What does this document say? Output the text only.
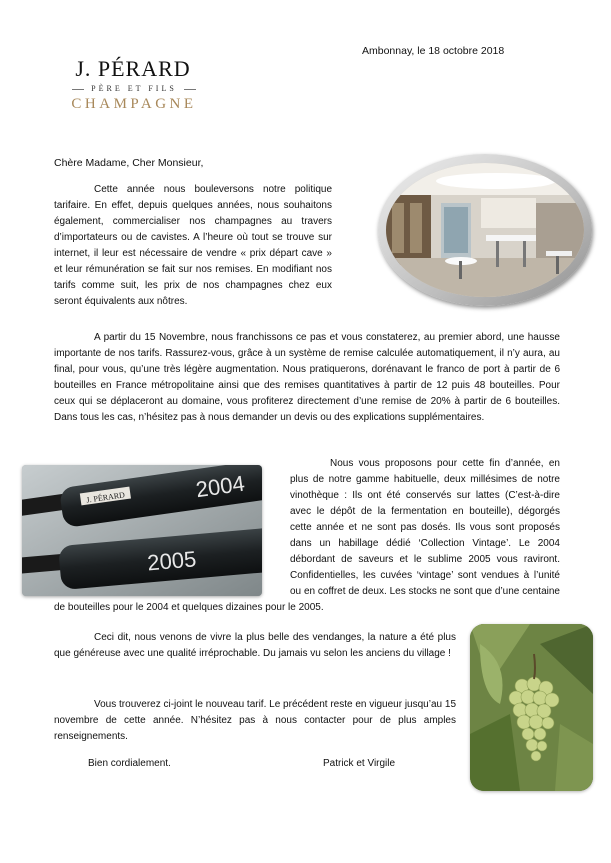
J. PÉRARD
PÈRE ET FILS
CHAMPAGNE
Ambonnay, le 18 octobre 2018
Chère Madame, Cher Monsieur,
Cette année nous bouleversons notre politique tarifaire. En effet, depuis quelques années, nous souhaitons également, commercialiser nos champagnes au travers d’importateurs ou de cavistes. A l’heure où tout se trouve sur internet, il leur est nécessaire de vendre « prix départ cave » et leur rémunération se fait sur nos remises. En modifiant nos tarifs comme suit, les prix de nos champagnes chez eux seront équivalents aux nôtres.
A partir du 15 Novembre, nous franchissons ce pas et vous constaterez, au premier abord, une hausse importante de nos tarifs. Rassurez-vous, grâce à un système de remise calculée automatiquement, il n’y aura, au final, pour vous, qu’une très légère augmentation. Nous pratiquerons, dorénavant le franco de port à partir de 6 bouteilles en France métropolitaine ainsi que des remises quantitatives à partir de 12 puis 48 bouteilles. Pour ceux qui se déplaceront au domaine, vous profiterez directement d’une remise de 20% à partir de 6 bouteilles. Dans tous les cas, n’hésitez pas à nous demander un devis ou des explications supplémentaires.
J. PÉRARD	2004
2005
Nous vous proposons pour cette fin d’année, en plus de notre gamme habituelle, deux millésimes de notre vinothèque : Ils ont été conservés sur lattes (C’est-à-dire avec le dépôt de la fermentation en bouteille), dégorgés cette année et ne sont pas dosés. Ils vous sont proposés dans un habillage dédié ‘Collection Vintage’. Le 2004 débordant de saveurs et le sublime 2005 vous raviront. Confidentielles, les cuvées ‘vintage’ sont vendues à l’unité ou en coffret de deux. Les stocks ne sont que d’une centaine de bouteilles pour le 2004 et quelques dizaines pour le 2005.
Ceci dit, nous venons de vivre la plus belle des vendanges, la nature a été plus que généreuse avec une qualité irréprochable. Du jamais vu selon les anciens du village !
Vous trouverez ci-joint le nouveau tarif. Le précédent reste en vigueur jusqu’au 15 novembre de cette année. N’hésitez pas à nous contacter pour de plus amples renseignements.
Bien cordialement.	Patrick et Virgile
